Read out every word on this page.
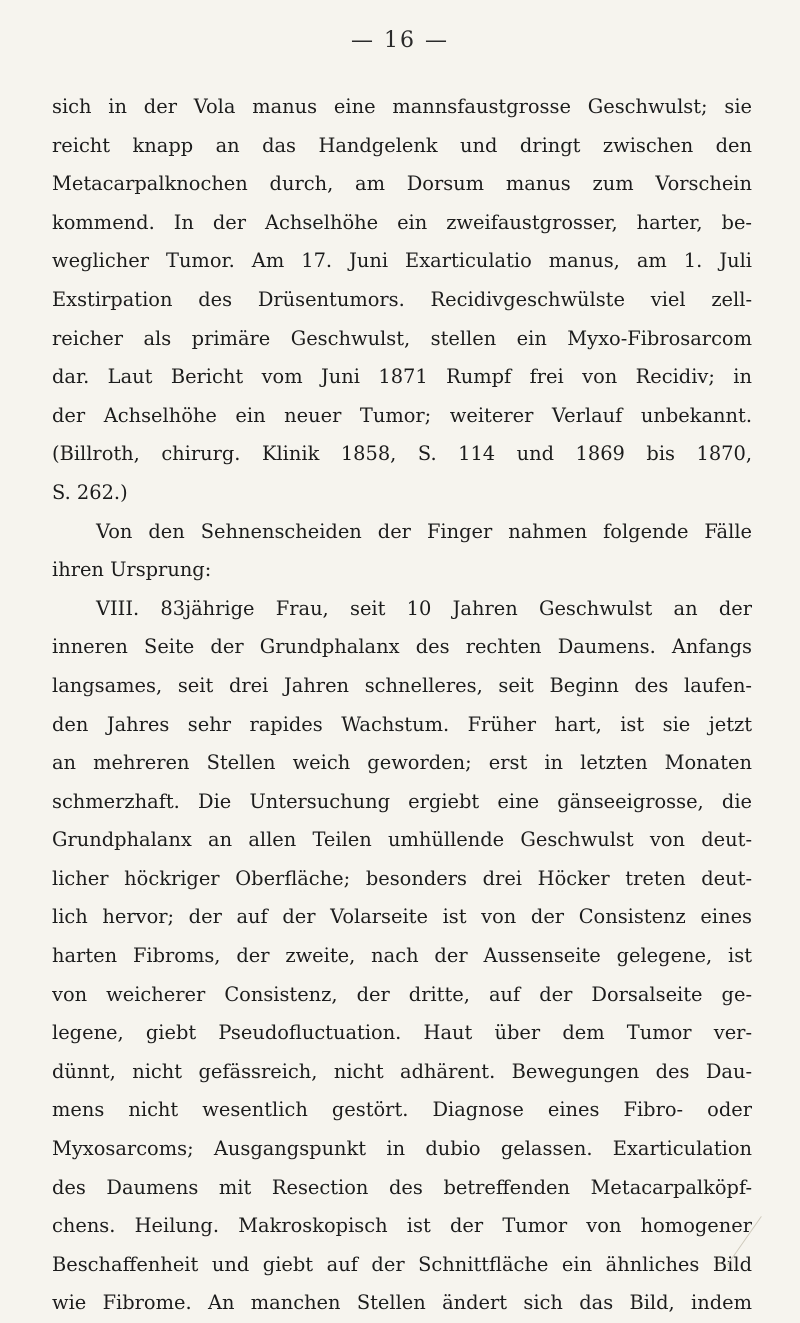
— 16 —
sich in der Vola manus eine mannsfaustgrosse Geschwulst; sie
reicht knapp an das Handgelenk und dringt zwischen den
Metacarpalknochen durch, am Dorsum manus zum Vorschein
kommend. In der Achselhöhe ein zweifaustgrosser, harter, be-
weglicher Tumor. Am 17. Juni Exarticulatio manus, am 1. Juli
Exstirpation des Drüsentumors. Recidivgeschwülste viel zell-
reicher als primäre Geschwulst, stellen ein Myxo-Fibrosarcom
dar. Laut Bericht vom Juni 1871 Rumpf frei von Recidiv; in
der Achselhöhe ein neuer Tumor; weiterer Verlauf unbekannt.
(Billroth, chirurg. Klinik 1858, S. 114 und 1869 bis 1870,
S. 262.)
Von den Sehnenscheiden der Finger nahmen folgende Fälle
ihren Ursprung:
VIII. 83jährige Frau, seit 10 Jahren Geschwulst an der
inneren Seite der Grundphalanx des rechten Daumens. Anfangs
langsames, seit drei Jahren schnelleres, seit Beginn des laufen-
den Jahres sehr rapides Wachstum. Früher hart, ist sie jetzt
an mehreren Stellen weich geworden; erst in letzten Monaten
schmerzhaft. Die Untersuchung ergiebt eine gänseeigrosse, die
Grundphalanx an allen Teilen umhüllende Geschwulst von deut-
licher höckriger Oberfläche; besonders drei Höcker treten deut-
lich hervor; der auf der Volarseite ist von der Consistenz eines
harten Fibroms, der zweite, nach der Aussenseite gelegene, ist
von weicherer Consistenz, der dritte, auf der Dorsalseite ge-
legene, giebt Pseudofluctuation. Haut über dem Tumor ver-
dünnt, nicht gefässreich, nicht adhärent. Bewegungen des Dau-
mens nicht wesentlich gestört. Diagnose eines Fibro- oder
Myxosarcoms; Ausgangspunkt in dubio gelassen. Exarticulation
des Daumens mit Resection des betreffenden Metacarpalköpf-
chens. Heilung. Makroskopisch ist der Tumor von homogener
Beschaffenheit und giebt auf der Schnittfläche ein ähnliches Bild
wie Fibrome. An manchen Stellen ändert sich das Bild, indem
